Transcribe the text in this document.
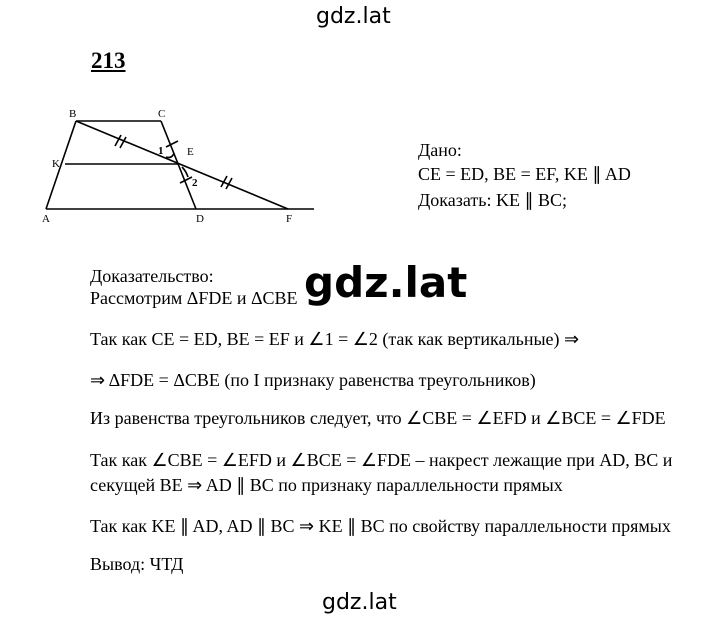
gdz.lat
213
B	C
K
E
A	D	F
1
2
Дано:
CE = ED, BE = EF, KE ∥ AD
Доказать: KE ∥ BC;
Доказательство:
Рассмотрим ΔFDE и ΔCBE
Так как CE = ED, BE = EF и ∠1 = ∠2 (так как вертикальные) ⇒
⇒ ΔFDE = ΔCBE (по I признаку равенства треугольников)
Из равенства треугольников следует, что ∠CBE = ∠EFD и ∠BCE = ∠FDE
Так как ∠CBE = ∠EFD и ∠BCE = ∠FDE – накрест лежащие при AD, BC и
секущей BE ⇒ AD ∥ BC по признаку параллельности прямых
Так как KE ∥ AD, AD ∥ BC ⇒ KE ∥ BC по свойству параллельности прямых
Вывод: ЧТД
gdz.lat
gdz.lat
